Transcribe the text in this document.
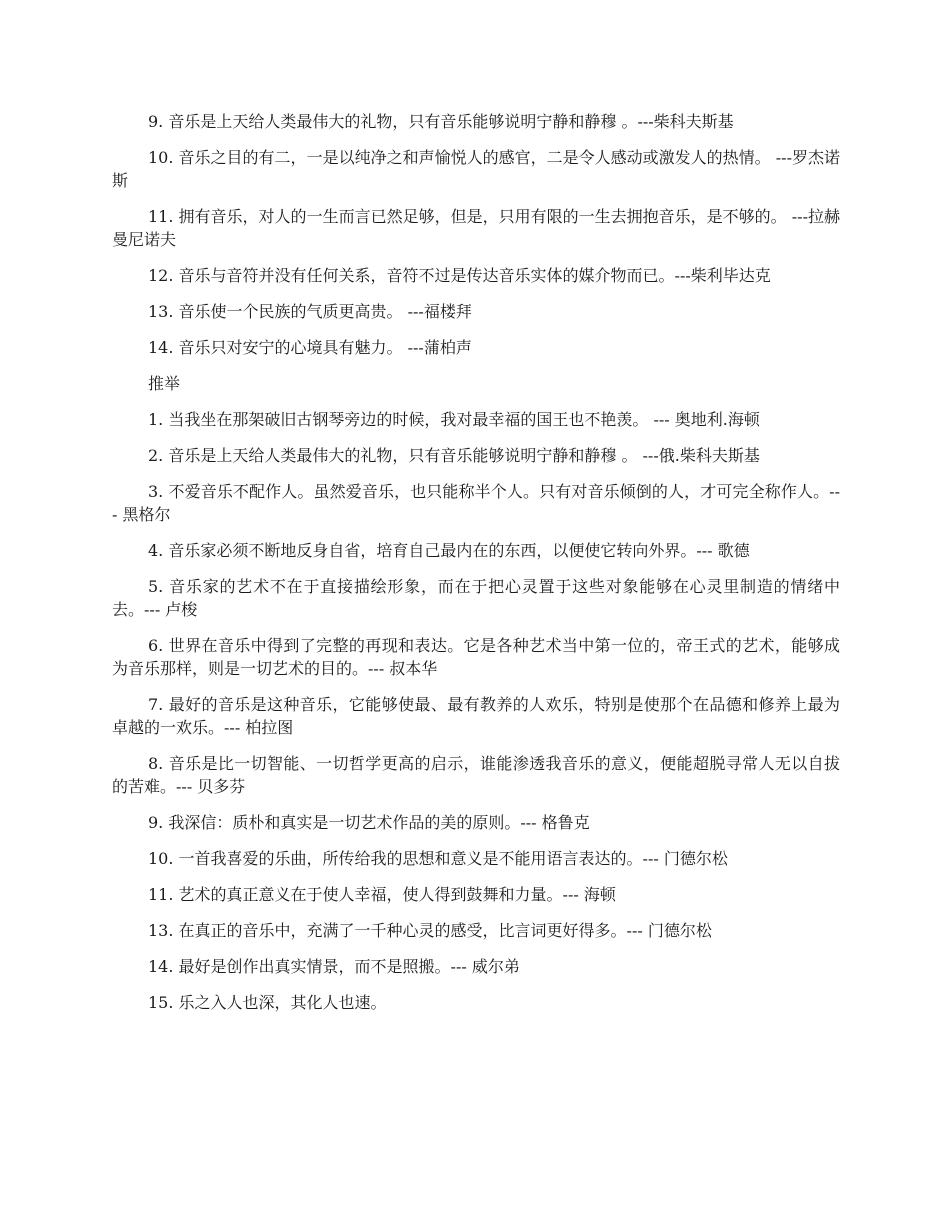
9. 音乐是上天给人类最伟大的礼物，只有音乐能够说明宁静和静穆 。---柴科夫斯基

10. 音乐之目的有二，一是以纯净之和声愉悦人的感官，二是令人感动或激发人的热情。 ---罗杰诺斯

11. 拥有音乐，对人的一生而言已然足够，但是，只用有限的一生去拥抱音乐，是不够的。 ---拉赫曼尼诺夫

12. 音乐与音符并没有任何关系，音符不过是传达音乐实体的媒介物而已。---柴利毕达克

13. 音乐使一个民族的气质更高贵。 ---福楼拜

14. 音乐只对安宁的心境具有魅力。 ---蒲柏声

推举

1. 当我坐在那架破旧古钢琴旁边的时候，我对最幸福的国王也不艳羡。 --- 奥地利.海顿

2. 音乐是上天给人类最伟大的礼物，只有音乐能够说明宁静和静穆 。 ---俄.柴科夫斯基

3. 不爱音乐不配作人。虽然爱音乐，也只能称半个人。只有对音乐倾倒的人，才可完全称作人。--- 黑格尔

4. 音乐家必须不断地反身自省，培育自己最内在的东西，以便使它转向外界。--- 歌德

5. 音乐家的艺术不在于直接描绘形象，而在于把心灵置于这些对象能够在心灵里制造的情绪中去。--- 卢梭

6. 世界在音乐中得到了完整的再现和表达。它是各种艺术当中第一位的，帝王式的艺术，能够成为音乐那样，则是一切艺术的目的。--- 叔本华

7. 最好的音乐是这种音乐，它能够使最、最有教养的人欢乐，特别是使那个在品德和修养上最为卓越的一欢乐。--- 柏拉图

8. 音乐是比一切智能、一切哲学更高的启示，谁能渗透我音乐的意义，便能超脱寻常人无以自拔的苦难。--- 贝多芬

9. 我深信：质朴和真实是一切艺术作品的美的原则。--- 格鲁克

10. 一首我喜爱的乐曲，所传给我的思想和意义是不能用语言表达的。--- 门德尔松

11. 艺术的真正意义在于使人幸福，使人得到鼓舞和力量。--- 海顿

13. 在真正的音乐中，充满了一千种心灵的感受，比言词更好得多。--- 门德尔松

14. 最好是创作出真实情景，而不是照搬。--- 威尔弟

15. 乐之入人也深，其化人也速。
